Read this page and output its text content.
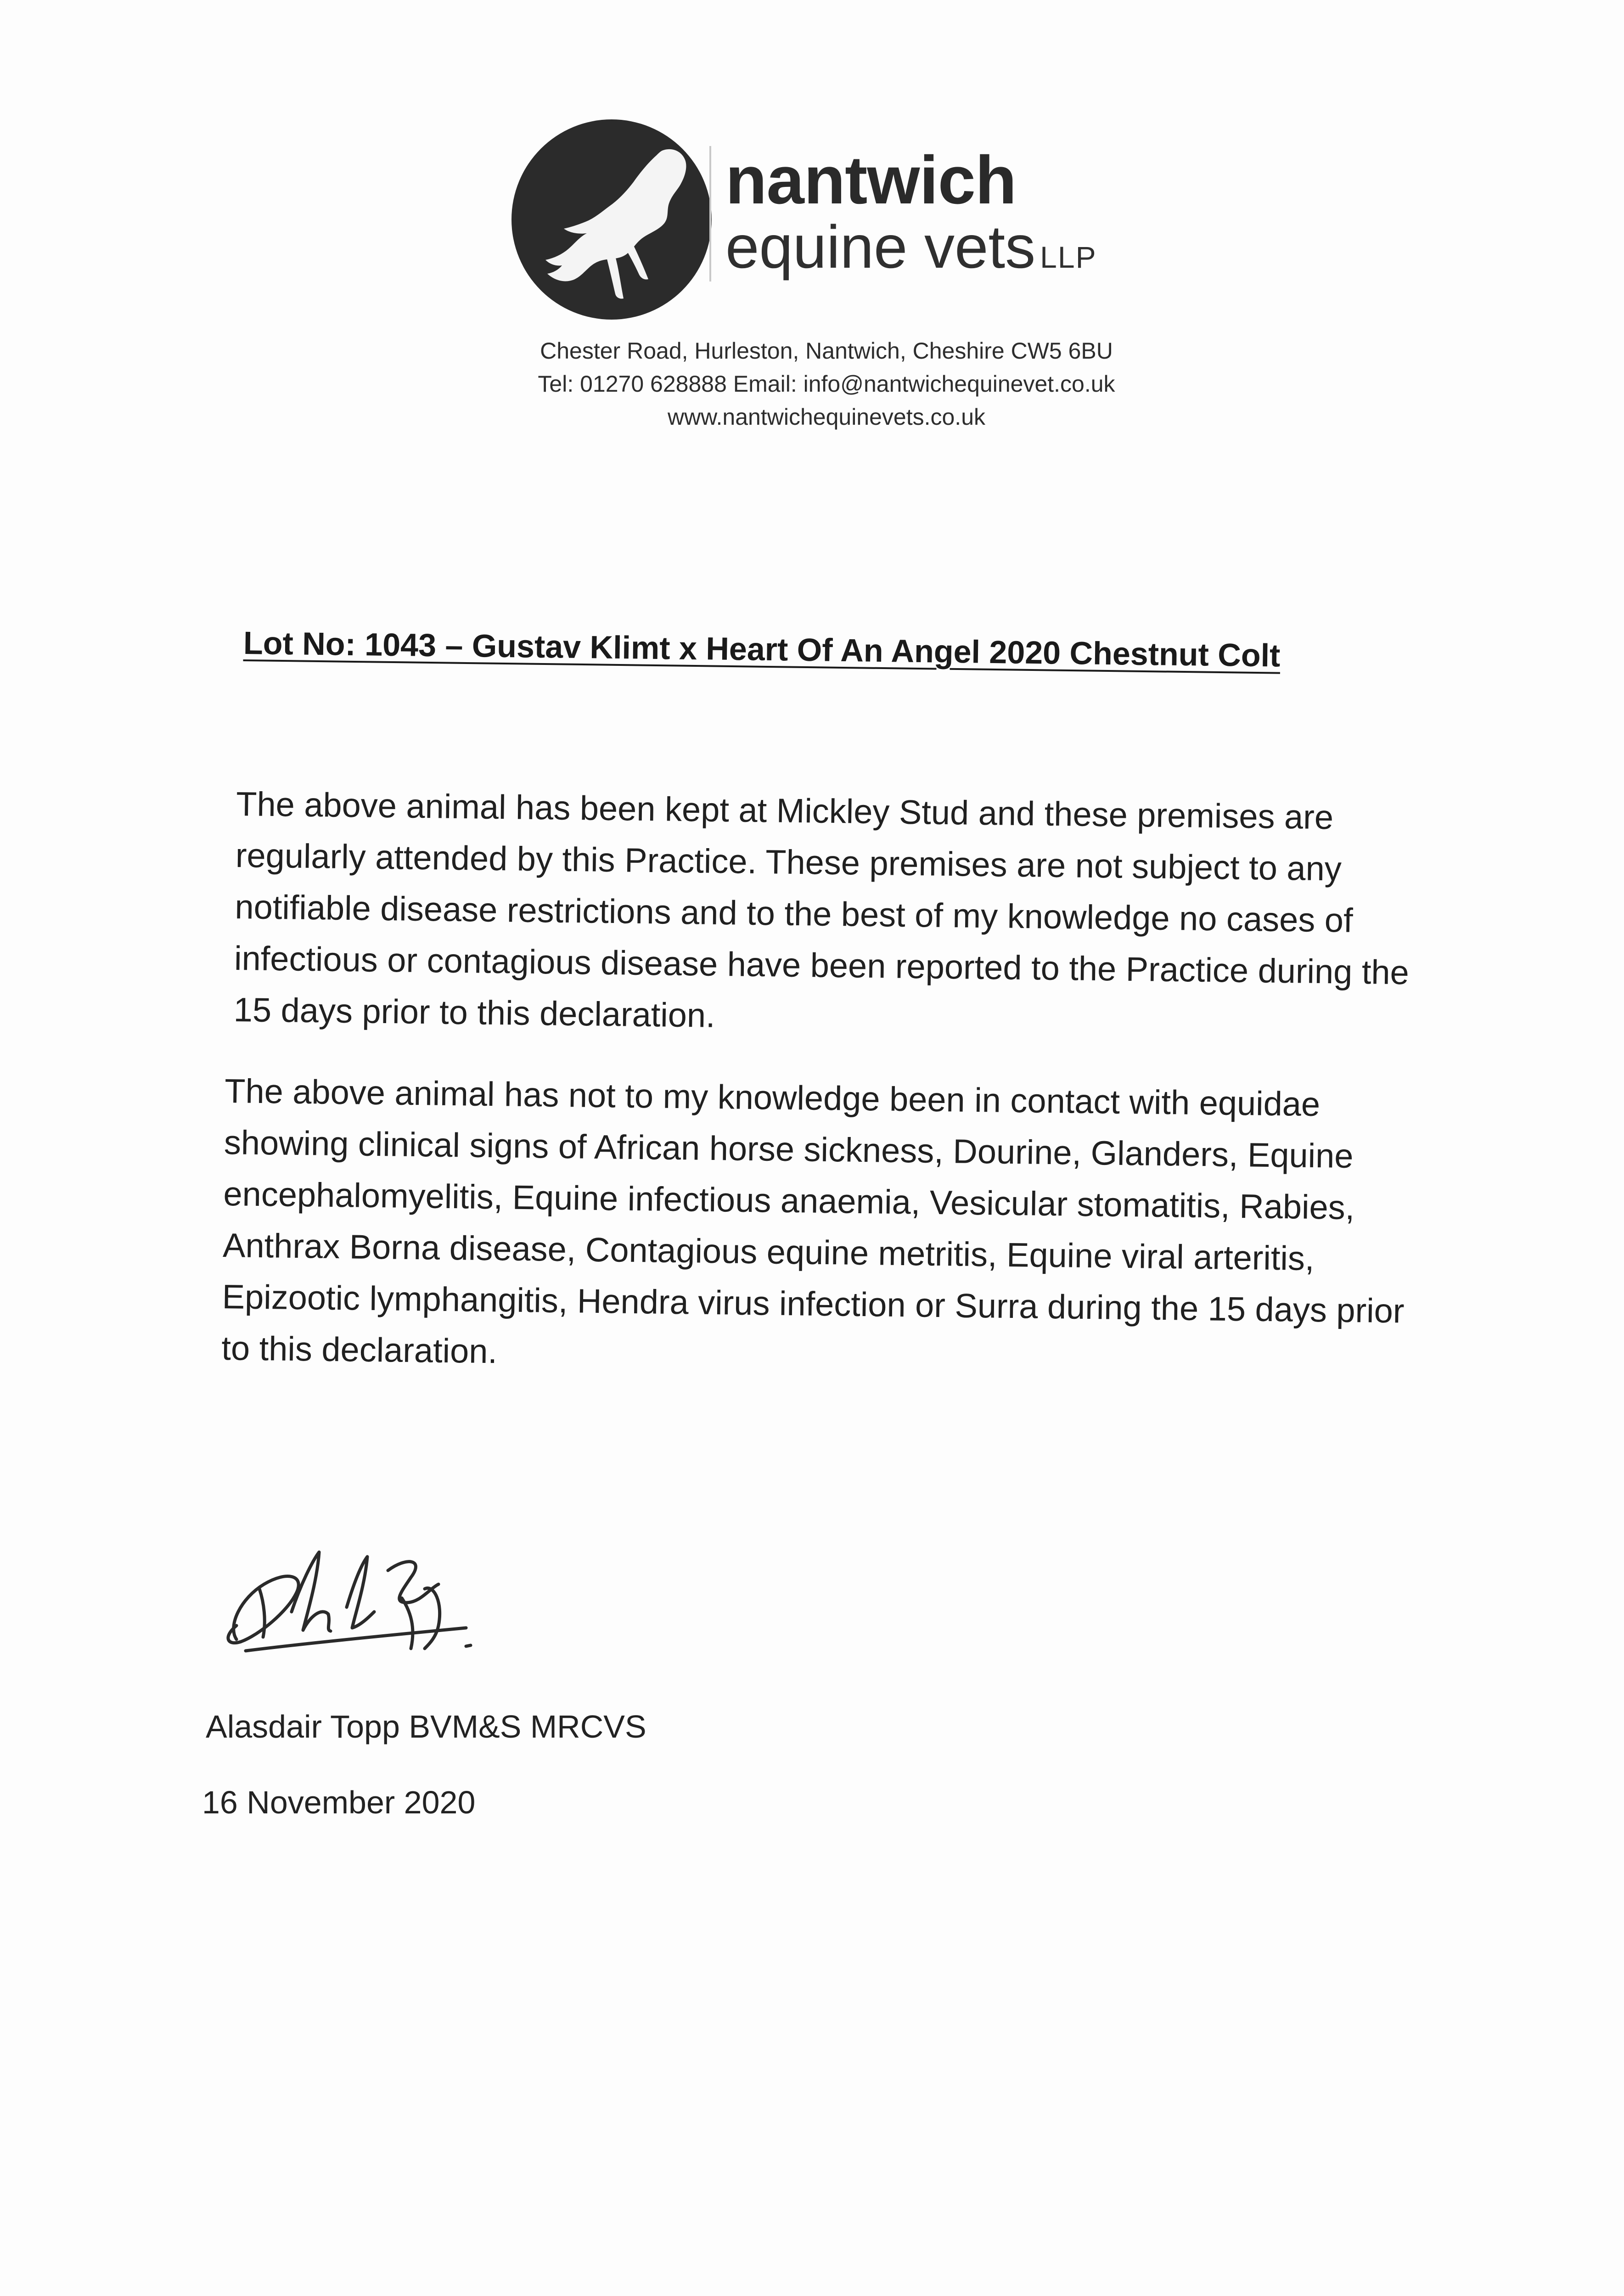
nantwich
equine vets LLP
Chester Road, Hurleston, Nantwich, Cheshire CW5 6BU
Tel: 01270 628888 Email: info@nantwichequinevet.co.uk
www.nantwichequinevets.co.uk
Lot No: 1043 – Gustav Klimt x Heart Of An Angel 2020 Chestnut Colt
The above animal has been kept at Mickley Stud and these premises are
regularly attended by this Practice. These premises are not subject to any
notifiable disease restrictions and to the best of my knowledge no cases of
infectious or contagious disease have been reported to the Practice during the
15 days prior to this declaration.
The above animal has not to my knowledge been in contact with equidae
showing clinical signs of African horse sickness, Dourine, Glanders, Equine
encephalomyelitis, Equine infectious anaemia, Vesicular stomatitis, Rabies,
Anthrax Borna disease, Contagious equine metritis, Equine viral arteritis,
Epizootic lymphangitis, Hendra virus infection or Surra during the 15 days prior
to this declaration.
Alasdair Topp BVM&S MRCVS
16 November 2020
